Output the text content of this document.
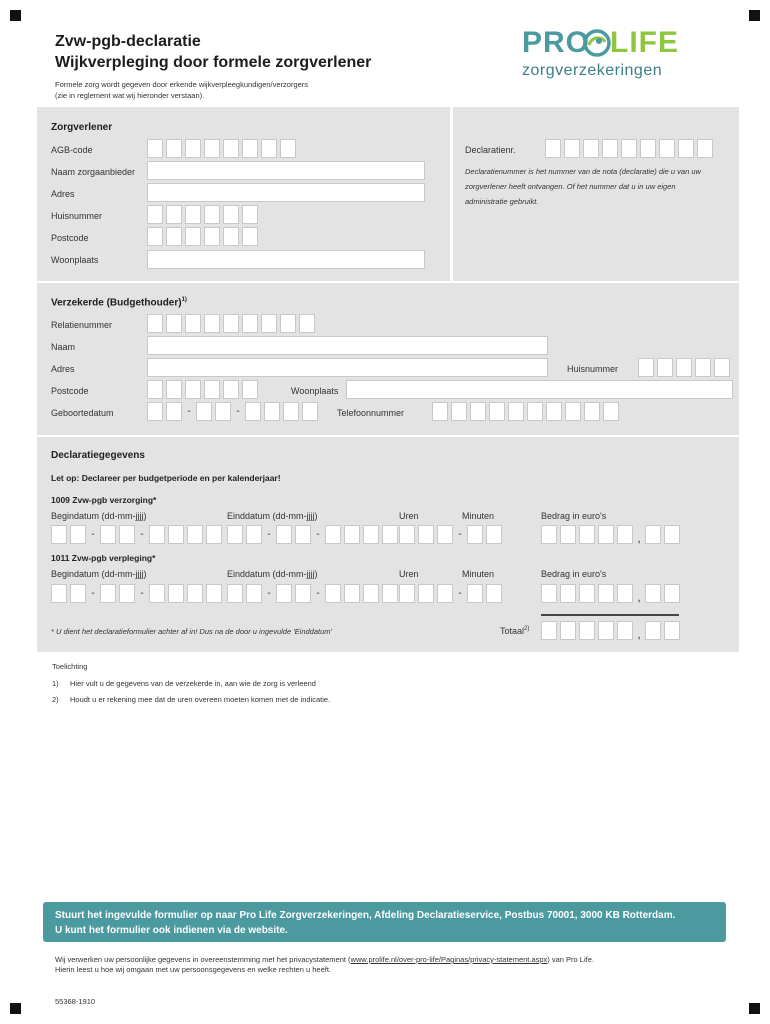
Zvw-pgb-declaratie
Wijkverpleging door formele zorgverlener
Formele zorg wordt gegeven door erkende wijkverpleegkundigen/verzorgers
(zie in reglement wat wij hieronder verstaan).
PRO LIFE
zorgverzekeringen
Zorgverlener
AGB-code
Naam zorgaanbieder
Adres
Huisnummer
Postcode
Woonplaats
Declaratienr.
Declaratienummer is het nummer van de nota (declaratie) die u van uw zorgverlener heeft ontvangen. Of het nummer dat u in uw eigen administratie gebruikt.
Verzekerde (Budgethouder)$^{1)}$
Relatienummer
Naam
Adres	Huisnummer
Postcode	Woonplaats
Geboortedatum	-	-	Telefoonnummer
Declaratiegegevens
Let op: Declareer per budgetperiode en per kalenderjaar!
1009 Zvw-pgb verzorging*
Begindatum (dd-mm-jjjj)	Einddatum (dd-mm-jjjj)	Uren	Minuten	Bedrag in euro's
-	-	-	-	-	,
1011 Zvw-pgb verpleging*
Begindatum (dd-mm-jjjj)	Einddatum (dd-mm-jjjj)	Uren	Minuten	Bedrag in euro's
-	-	-	-	-	,
* U dient het declaratieformulier achter af in! Dus na de door u ingevulde 'Einddatum'	Totaal$^{2)}$	,
Toelichting
1) Hier vult u de gegevens van de verzekerde in, aan wie de zorg is verleend
2) Houdt u er rekening mee dat de uren overeen moeten komen met de indicatie.
Stuurt het ingevulde formulier op naar Pro Life Zorgverzekeringen, Afdeling Declaratieservice, Postbus 70001, 3000 KB Rotterdam.
U kunt het formulier ook indienen via de website.
Wij verwerken uw persoonlijke gegevens in overeenstemming met het privacystatement (www.prolife.nl/over-pro-life/Paginas/privacy-statement.aspx) van Pro Life.
Hierin leest u hoe wij omgaan met uw persoonsgegevens en welke rechten u heeft.
55368-1910
